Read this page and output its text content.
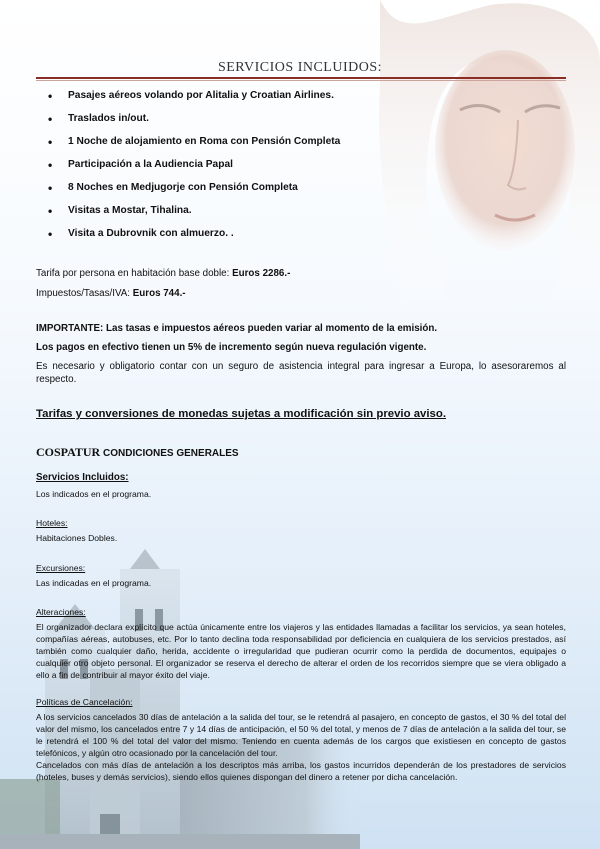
SERVICIOS INCLUIDOS:
• Pasajes aéreos volando por Alitalia y Croatian Airlines.
• Traslados in/out.
• 1 Noche de alojamiento en Roma con Pensión Completa
• Participación a la Audiencia Papal
• 8 Noches en Medjugorje con Pensión Completa
• Visitas a Mostar, Tihalina.
• Visita a Dubrovnik con almuerzo. .
Tarifa por persona en habitación base doble: Euros 2286.-
Impuestos/Tasas/IVA: Euros 744.-
IMPORTANTE: Las tasas e impuestos aéreos pueden variar al momento de la emisión.
Los pagos en efectivo tienen un 5% de incremento según nueva regulación vigente.
Es necesario y obligatorio contar con un seguro de asistencia integral para ingresar a Europa, lo asesoraremos al respecto.
Tarifas y conversiones de monedas sujetas a modificación sin previo aviso.
COSPATUR CONDICIONES GENERALES
Servicios Incluidos:
Los indicados en el programa.
Hoteles:
Habitaciones Dobles.
Excursiones:
Las indicadas en el programa.
Alteraciones:
El organizador declara explícito que actúa únicamente entre los viajeros y las entidades llamadas a facilitar los servicios, ya sean hoteles, compañías aéreas, autobuses, etc. Por lo tanto declina toda responsabilidad por deficiencia en cualquiera de los servicios prestados, así también como cualquier daño, herida, accidente o irregularidad que pudieran ocurrir como la perdida de documentos, equipajes o cualquier otro objeto personal. El organizador se reserva el derecho de alterar el orden de los recorridos siempre que se viera obligado a ello a fin de contribuir al mayor éxito del viaje.
Políticas de Cancelación:
A los servicios cancelados 30 días de antelación a la salida del tour, se le retendrá al pasajero, en concepto de gastos, el 30 % del total del valor del mismo, los cancelados entre 7 y 14 días de anticipación, el 50 % del total, y menos de 7 días de antelación a la salida del tour, se le retendrá el 100 % del total del valor del mismo. Teniendo en cuenta además de los cargos que existiesen en concepto de gastos telefónicos, y algún otro ocasionado por la cancelación del tour.
Cancelados con más días de antelación a los descriptos más arriba, los gastos incurridos dependerán de los prestadores de servicios (hoteles, buses y demás servicios), siendo ellos quienes dispongan del dinero a retener por dicha cancelación.
